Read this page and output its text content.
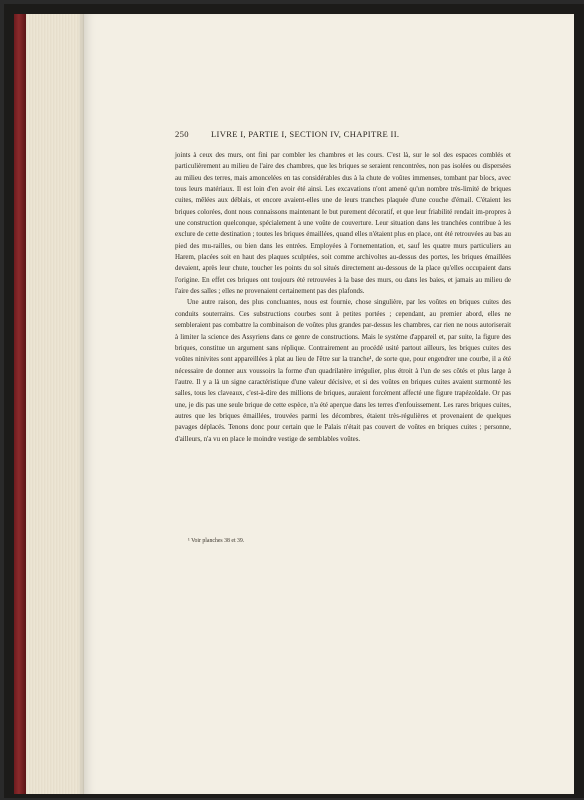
250	LIVRE I, PARTIE I, SECTION IV, CHAPITRE II.

joints à ceux des murs, ont fini par combler les chambres et les cours. C'est là, sur le sol des espaces comblés et particulièrement au milieu de l'aire des chambres, que les briques se seraient rencontrées, non pas isolées ou dispersées au milieu des terres, mais amoncelées en tas considérables dus à la chute de voûtes immenses, tombant par blocs, avec tous leurs matériaux. Il est loin d'en avoir été ainsi. Les excavations n'ont amené qu'un nombre très-limité de briques cuites, mêlées aux déblais, et encore avaient-elles une de leurs tranches plaquée d'une couche d'émail. C'étaient les briques colorées, dont nous connaissons maintenant le but purement décoratif, et que leur friabilité rendait im-propres à une construction quelconque, spécialement à une voûte de couverture. Leur situation dans les tranchées contribue à les exclure de cette destination ; toutes les briques émaillées, quand elles n'étaient plus en place, ont été retrouvées au bas au pied des mu-railles, ou bien dans les entrées. Employées à l'ornementation, et, sauf les quatre murs particuliers au Harem, placées soit en haut des plaques sculptées, soit comme archivoltes au-dessus des portes, les briques émaillées devaient, après leur chute, toucher les points du sol situés directement au-dessous de la place qu'elles occupaient dans l'origine. En effet ces briques ont toujours été retrouvées à la base des murs, ou dans les baies, et jamais au milieu de l'aire des salles ; elles ne provenaient certainement pas des plafonds.

Une autre raison, des plus concluantes, nous est fournie, chose singulière, par les voûtes en briques cuites des conduits souterrains. Ces substructions courbes sont à petites portées ; cependant, au premier abord, elles ne sembleraient pas combattre la combinaison de voûtes plus grandes par-dessus les chambres, car rien ne nous autoriserait à limiter la science des Assyriens dans ce genre de constructions. Mais le système d'appareil et, par suite, la figure des briques, constitue un argument sans réplique. Contrairement au procédé usité partout ailleurs, les briques cuites des voûtes ninivites sont appareillées à plat au lieu de l'être sur la tranche¹, de sorte que, pour engendrer une courbe, il a été nécessaire de donner aux voussoirs la forme d'un quadrilatère irrégulier, plus étroit à l'un de ses côtés et plus large à l'autre. Il y a là un signe caractéristique d'une valeur décisive, et si des voûtes en briques cuites avaient surmonté les salles, tous les claveaux, c'est-à-dire des millions de briques, auraient forcément affecté une figure trapézoïdale. Or pas une, je dis pas une seule brique de cette espèce, n'a été aperçue dans les terres d'enfouissement. Les rares briques cuites, autres que les briques émaillées, trouvées parmi les décombres, étaient très-régulières et provenaient de quelques pavages déplacés. Tenons donc pour certain que le Palais n'était pas couvert de voûtes en briques cuites ; personne, d'ailleurs, n'a vu en place le moindre vestige de semblables voûtes.

¹ Voir planches 38 et 39.
